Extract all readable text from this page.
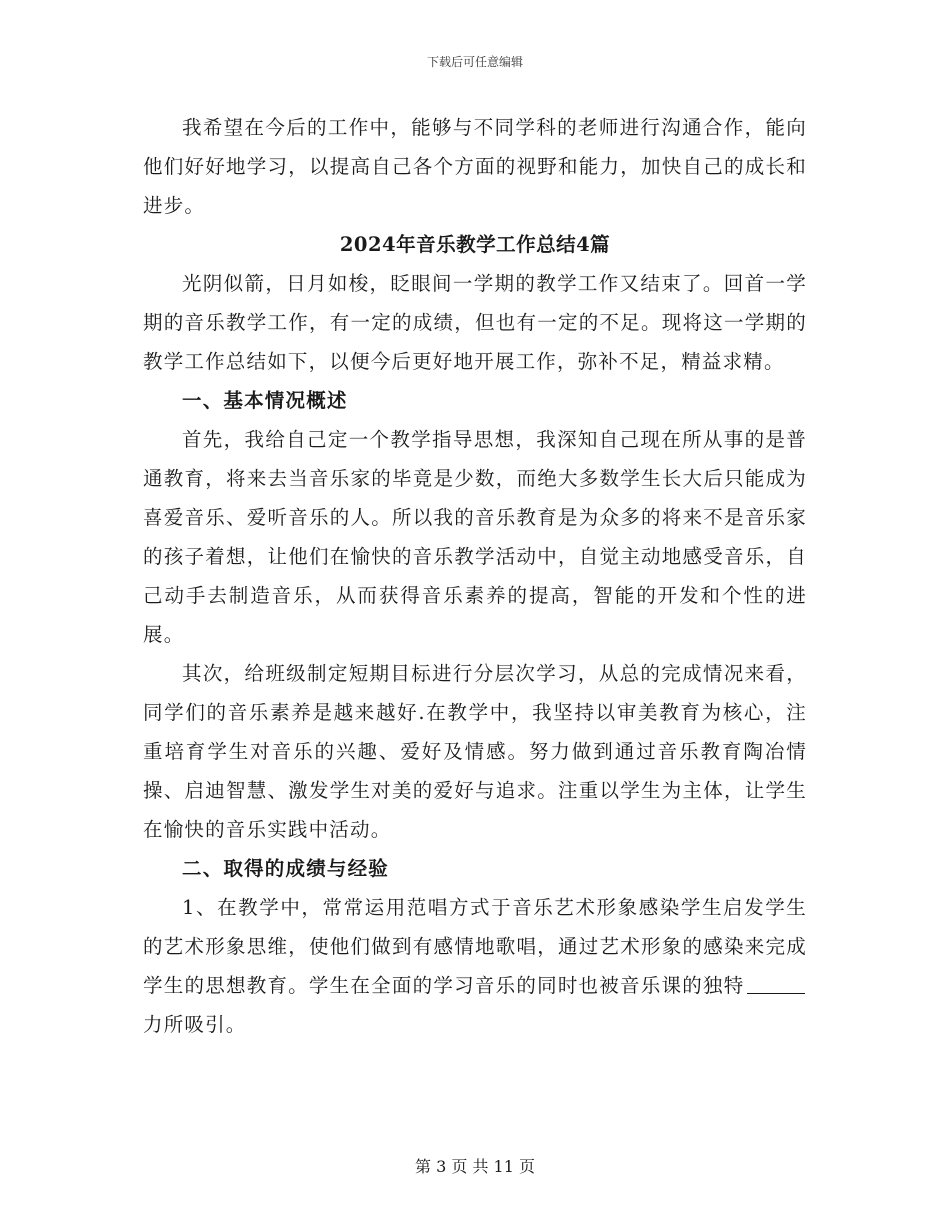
下载后可任意编辑

我希望在今后的工作中，能够与不同学科的老师进行沟通合作，能向他们好好地学习，以提高自己各个方面的视野和能力，加快自己的成长和进步。

2024年音乐教学工作总结4篇

光阴似箭，日月如梭，眨眼间一学期的教学工作又结束了。回首一学期的音乐教学工作，有一定的成绩，但也有一定的不足。现将这一学期的教学工作总结如下，以便今后更好地开展工作，弥补不足，精益求精。

一、基本情况概述

首先，我给自己定一个教学指导思想，我深知自己现在所从事的是普通教育，将来去当音乐家的毕竟是少数，而绝大多数学生长大后只能成为喜爱音乐、爱听音乐的人。所以我的音乐教育是为众多的将来不是音乐家的孩子着想，让他们在愉快的音乐教学活动中，自觉主动地感受音乐，自己动手去制造音乐，从而获得音乐素养的提高，智能的开发和个性的进展。

其次，给班级制定短期目标进行分层次学习，从总的完成情况来看，同学们的音乐素养是越来越好.在教学中，我坚持以审美教育为核心，注重培育学生对音乐的兴趣、爱好及情感。努力做到通过音乐教育陶冶情操、启迪智慧、激发学生对美的爱好与追求。注重以学生为主体，让学生在愉快的音乐实践中活动。

二、取得的成绩与经验

1、在教学中，常常运用范唱方式于音乐艺术形象感染学生启发学生的艺术形象思维，使他们做到有感情地歌唱，通过艺术形象的感染来完成学生的思想教育。学生在全面的学习音乐的同时也被音乐课的独特力所吸引。

第 3 页 共 11 页
